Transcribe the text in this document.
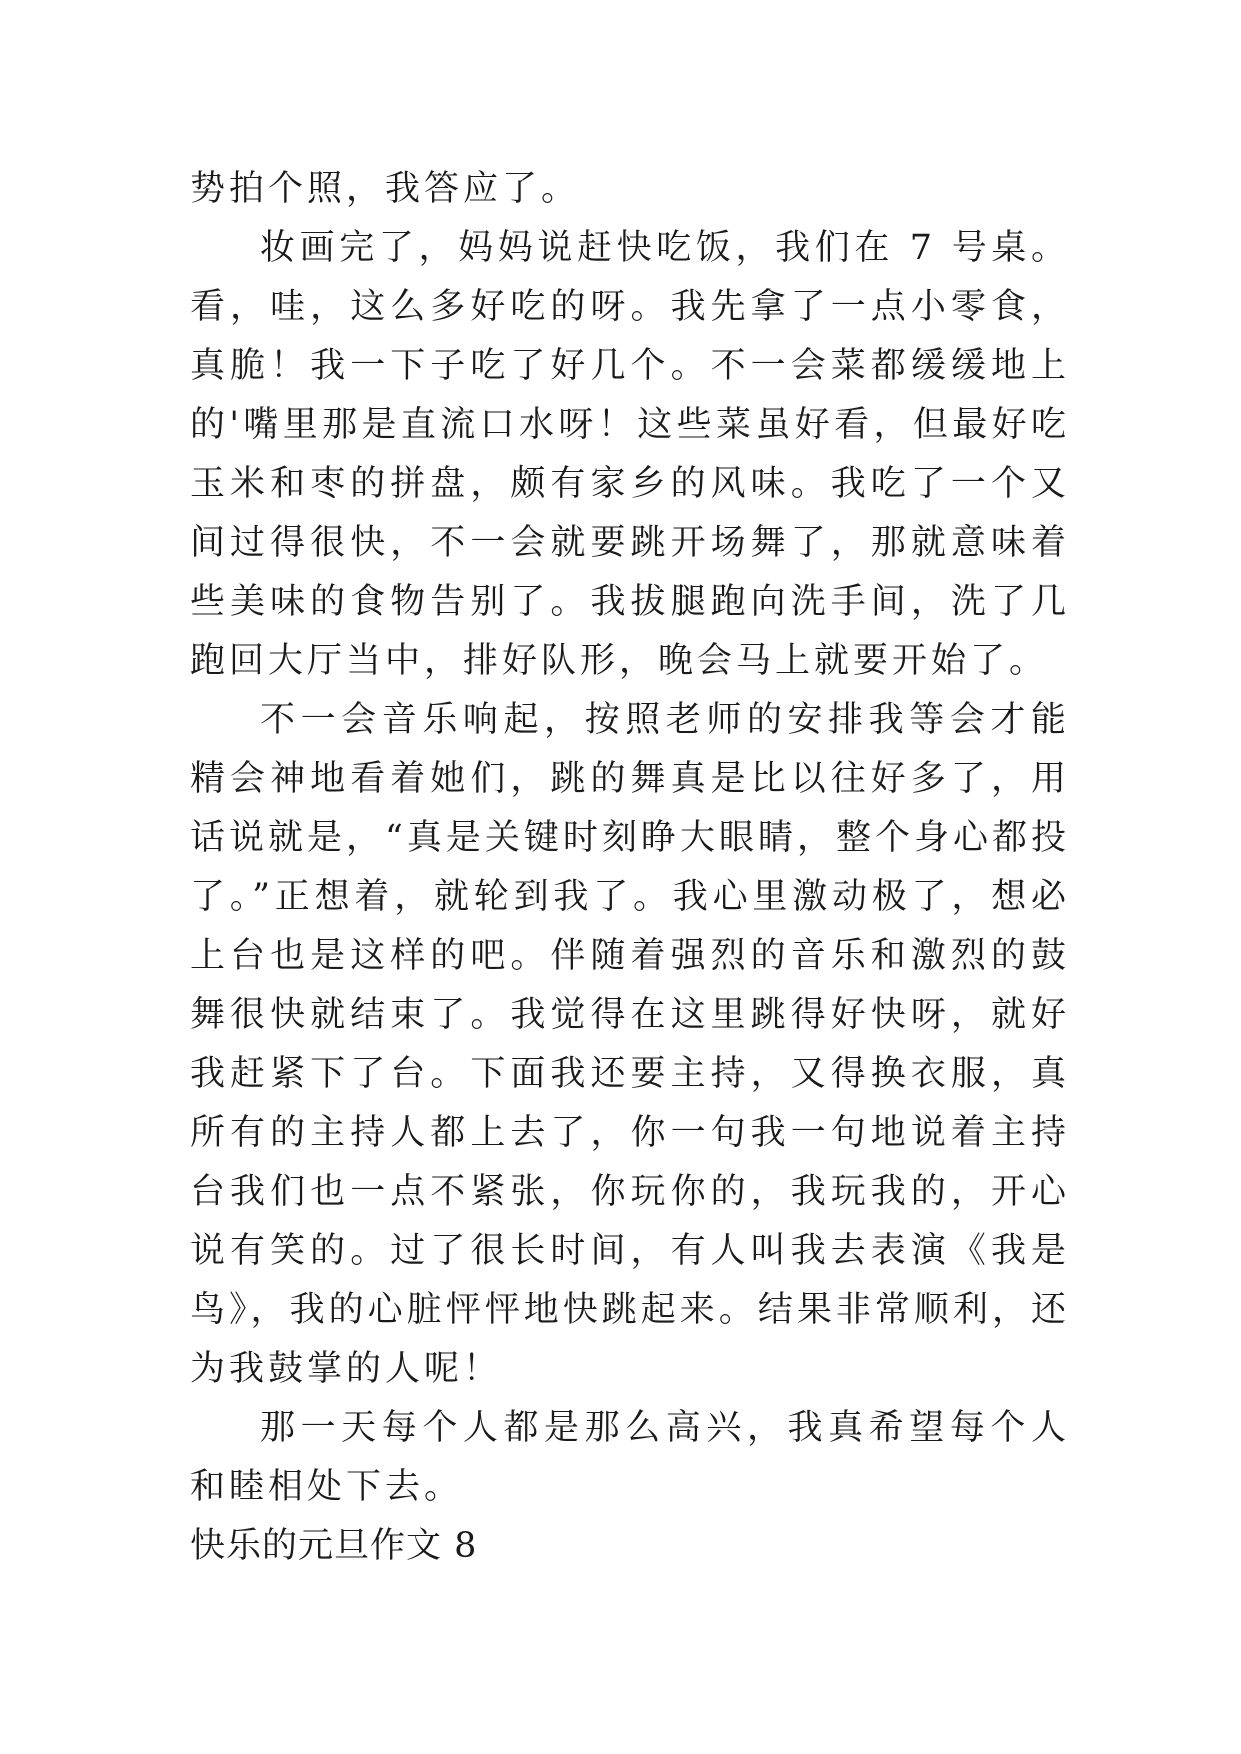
势拍个照，我答应了。
妆画完了，妈妈说赶快吃饭，我们在 7 号桌。
看，哇，这么多好吃的呀。我先拿了一点小零食，
真脆！我一下子吃了好几个。不一会菜都缓缓地上
的'嘴里那是直流口水呀！这些菜虽好看，但最好吃
玉米和枣的拼盘，颇有家乡的风味。我吃了一个又
间过得很快，不一会就要跳开场舞了，那就意味着
些美味的食物告别了。我拔腿跑向洗手间，洗了几
跑回大厅当中，排好队形，晚会马上就要开始了。
不一会音乐响起，按照老师的安排我等会才能
精会神地看着她们，跳的舞真是比以往好多了，用
话说就是，“真是关键时刻睁大眼睛，整个身心都投
了。”正想着，就轮到我了。我心里激动极了，想必
上台也是这样的吧。伴随着强烈的音乐和激烈的鼓
舞很快就结束了。我觉得在这里跳得好快呀，就好
我赶紧下了台。下面我还要主持，又得换衣服，真
所有的主持人都上去了，你一句我一句地说着主持
台我们也一点不紧张，你玩你的，我玩我的，开心
说有笑的。过了很长时间，有人叫我去表演《我是
鸟》，我的心脏怦怦地快跳起来。结果非常顺利，还
为我鼓掌的人呢！
那一天每个人都是那么高兴，我真希望每个人
和睦相处下去。
快乐的元旦作文 8
